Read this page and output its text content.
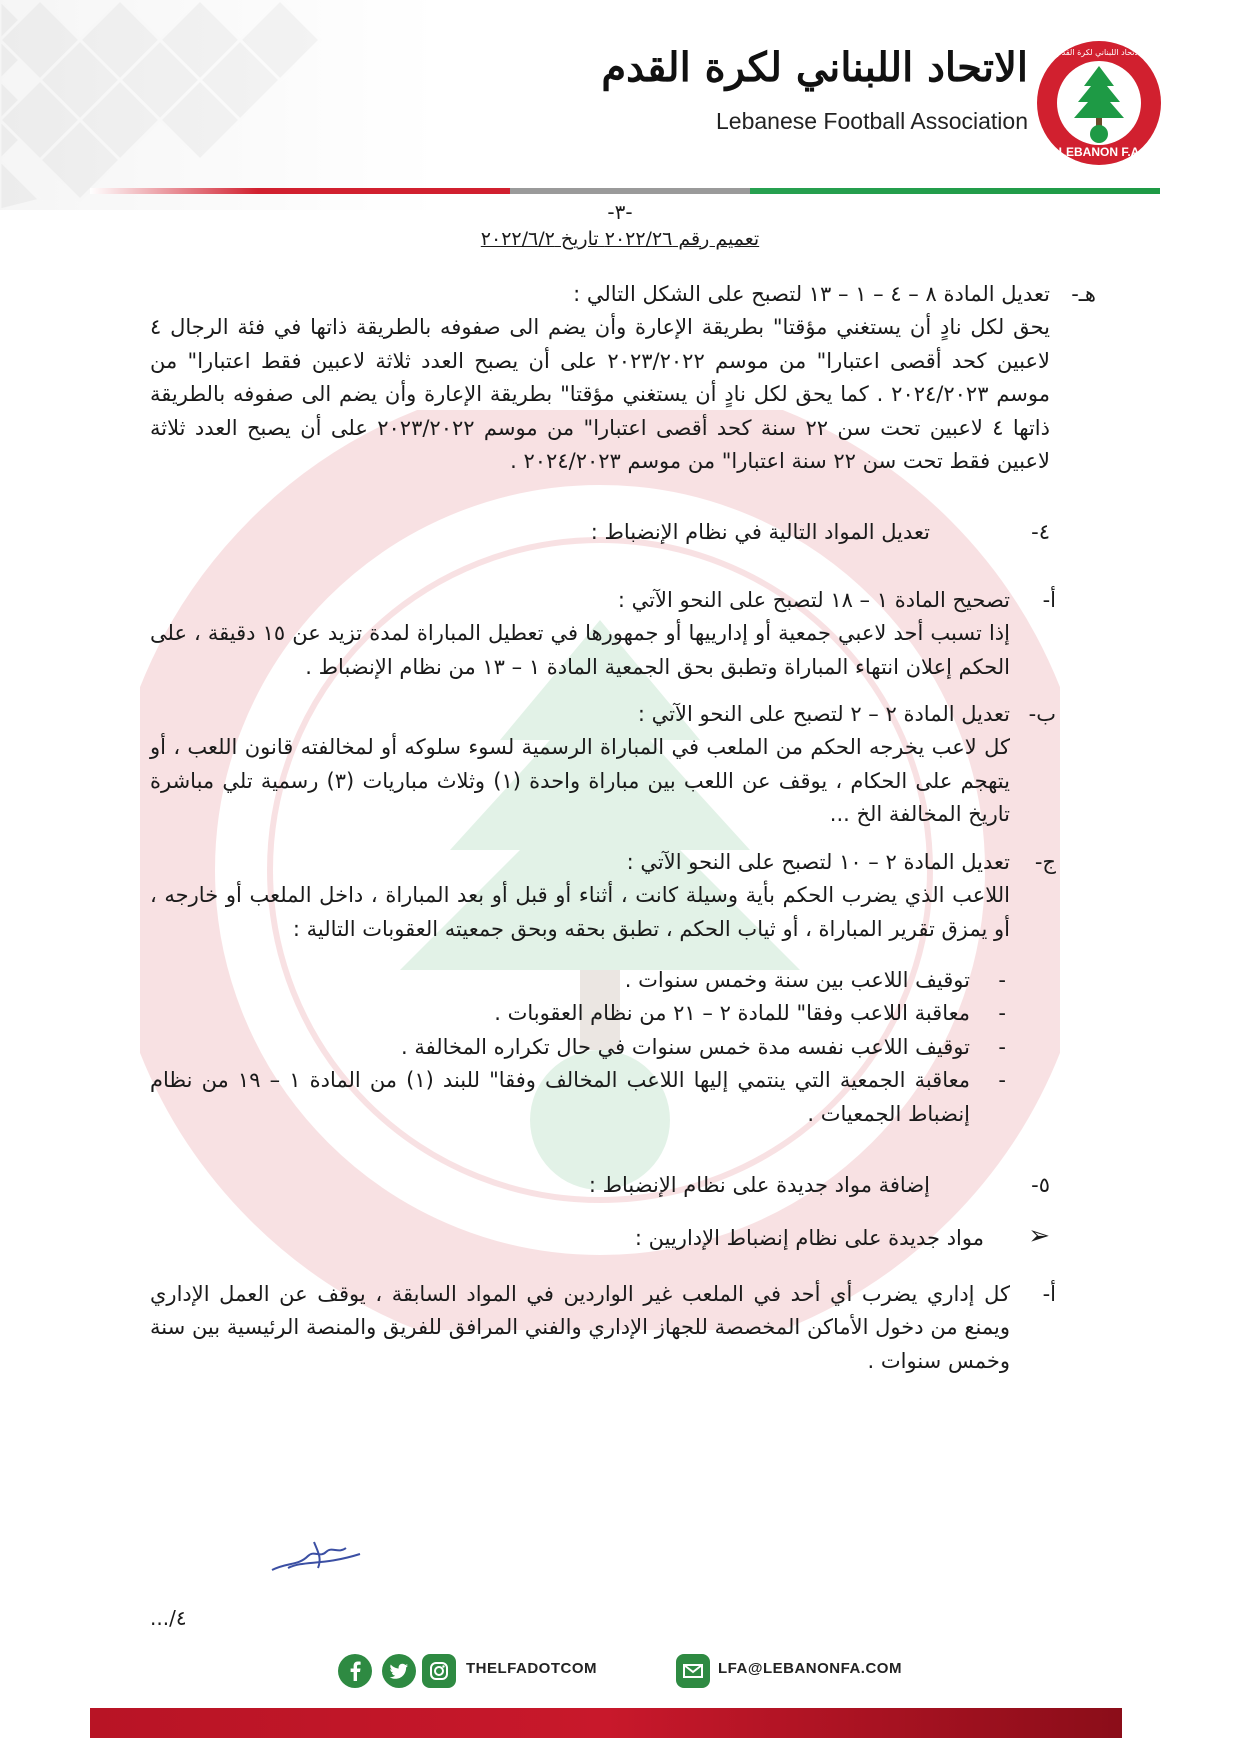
LEBANON F.A
الاتحاد اللبناني لكرة القدم
الاتحاد اللبناني لكرة القدم
Lebanese Football Association
-٣-
تعميم رقم ٢٠٢٢/٢٦ تاريخ ٢٠٢٢/٦/٢
هـ-

تعديل المادة ٨ – ٤ – ١ – ١٣ لتصبح على الشكل التالي :

يحق لكل نادٍ أن يستغني مؤقتا" بطريقة الإعارة وأن يضم الى صفوفه بالطريقة ذاتها في فئة الرجال ٤ لاعبين كحد أقصى اعتبارا" من موسم ٢٠٢٣/٢٠٢٢ على أن يصبح العدد ثلاثة لاعبين فقط اعتبارا" من موسم ٢٠٢٤/٢٠٢٣ . كما يحق لكل نادٍ أن يستغني مؤقتا" بطريقة الإعارة وأن يضم الى صفوفه بالطريقة ذاتها ٤ لاعبين تحت سن ٢٢ سنة كحد أقصى اعتبارا" من موسم ٢٠٢٣/٢٠٢٢ على أن يصبح العدد ثلاثة لاعبين فقط تحت سن ٢٢ سنة اعتبارا" من موسم ٢٠٢٤/٢٠٢٣ .

٤-

تعديل المواد التالية في نظام الإنضباط :

أ-

تصحيح المادة ١ – ١٨ لتصبح على النحو الآتي :

إذا تسبب أحد لاعبي جمعية أو إدارييها أو جمهورها في تعطيل المباراة لمدة تزيد عن ١٥ دقيقة ، على الحكم إعلان انتهاء المباراة وتطبق بحق الجمعية المادة ١ – ١٣ من نظام الإنضباط .

ب-

تعديل المادة ٢ – ٢ لتصبح على النحو الآتي :

كل لاعب يخرجه الحكم من الملعب في المباراة الرسمية لسوء سلوكه أو لمخالفته قانون اللعب ، أو يتهجم على الحكام ، يوقف عن اللعب بين مباراة واحدة (١) وثلاث مباريات (٣) رسمية تلي مباشرة تاريخ المخالفة الخ ...

ج-

تعديل المادة ٢ – ١٠ لتصبح على النحو الآتي :

اللاعب الذي يضرب الحكم بأية وسيلة كانت ، أثناء أو قبل أو بعد المباراة ، داخل الملعب أو خارجه ، أو يمزق تقرير المباراة ، أو ثياب الحكم ، تطبق بحقه وبحق جمعيته العقوبات التالية :

- توقيف اللاعب بين سنة وخمس سنوات .
- معاقبة اللاعب وفقا" للمادة ٢ – ٢١ من نظام العقوبات .
- توقيف اللاعب نفسه مدة خمس سنوات في حال تكراره المخالفة .
- معاقبة الجمعية التي ينتمي إليها اللاعب المخالف وفقا" للبند (١) من المادة ١ – ١٩ من نظام إنضباط الجمعيات .
٥-

إضافة مواد جديدة على نظام الإنضباط :

➢

مواد جديدة على نظام إنضباط الإداريين :

أ-

كل إداري يضرب أي أحد في الملعب غير الواردين في المواد السابقة ، يوقف عن العمل الإداري ويمنع من دخول الأماكن المخصصة للجهاز الإداري والفني المرافق للفريق والمنصة الرئيسية بين سنة وخمس سنوات .

٤/...
THELFADOTCOM	LFA@LEBANONFA.COM
